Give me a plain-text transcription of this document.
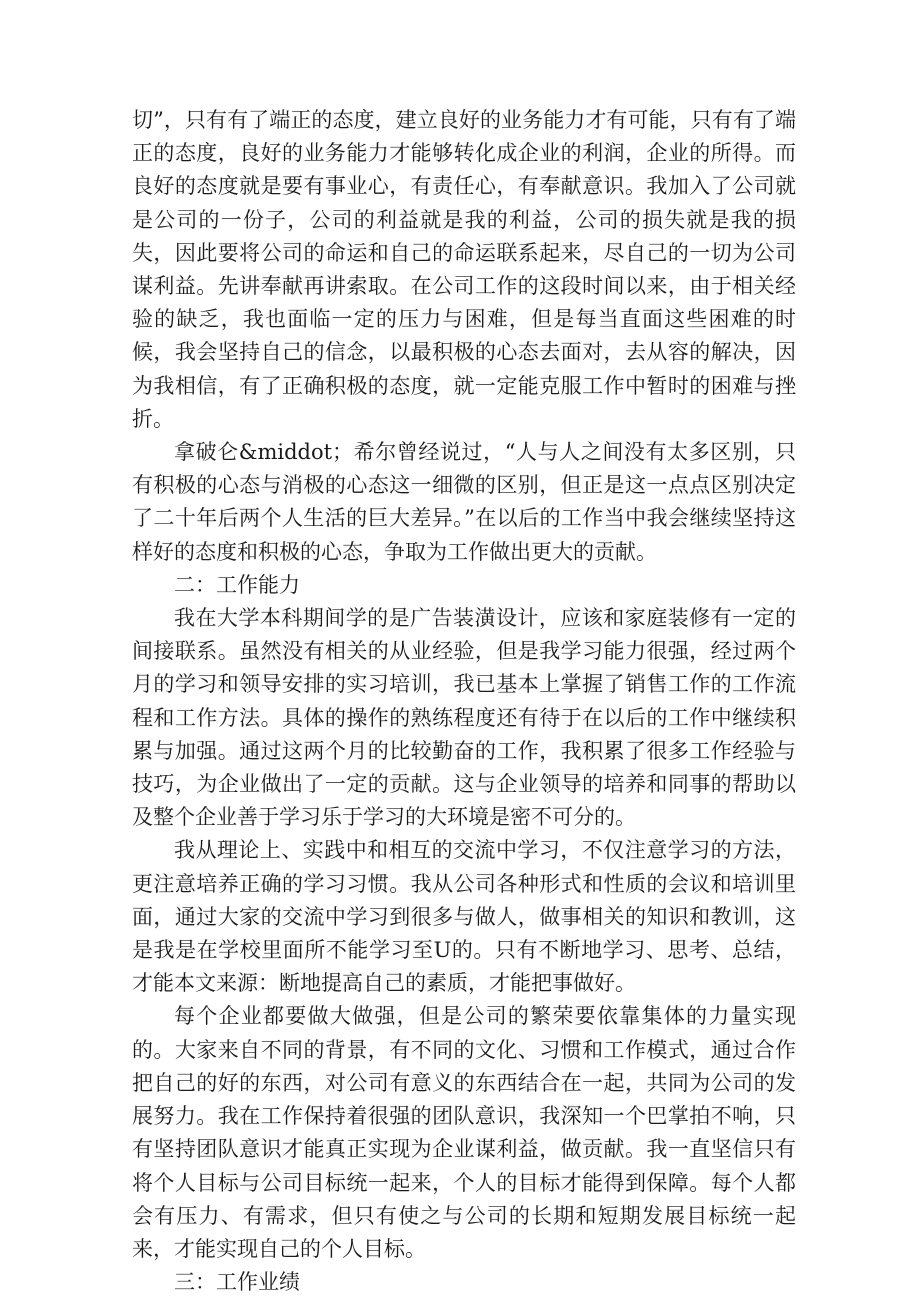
切”，只有有了端正的态度，建立良好的业务能力才有可能，只有有了端正的态度，良好的业务能力才能够转化成企业的利润，企业的所得。而良好的态度就是要有事业心，有责任心，有奉献意识。我加入了公司就是公司的一份子，公司的利益就是我的利益，公司的损失就是我的损失，因此要将公司的命运和自己的命运联系起来，尽自己的一切为公司谋利益。先讲奉献再讲索取。在公司工作的这段时间以来，由于相关经验的缺乏，我也面临一定的压力与困难，但是每当直面这些困难的时候，我会坚持自己的信念，以最积极的心态去面对，去从容的解决，因为我相信，有了正确积极的态度，就一定能克服工作中暂时的困难与挫折。

拿破仑&middot；希尔曾经说过，“人与人之间没有太多区别，只有积极的心态与消极的心态这一细微的区别，但正是这一点点区别决定了二十年后两个人生活的巨大差异。”在以后的工作当中我会继续坚持这样好的态度和积极的心态，争取为工作做出更大的贡献。

二：工作能力

我在大学本科期间学的是广告装潢设计，应该和家庭装修有一定的间接联系。虽然没有相关的从业经验，但是我学习能力很强，经过两个月的学习和领导安排的实习培训，我已基本上掌握了销售工作的工作流程和工作方法。具体的操作的熟练程度还有待于在以后的工作中继续积累与加强。通过这两个月的比较勤奋的工作，我积累了很多工作经验与技巧，为企业做出了一定的贡献。这与企业领导的培养和同事的帮助以及整个企业善于学习乐于学习的大环境是密不可分的。

我从理论上、实践中和相互的交流中学习，不仅注意学习的方法，更注意培养正确的学习习惯。我从公司各种形式和性质的会议和培训里面，通过大家的交流中学习到很多与做人，做事相关的知识和教训，这是我是在学校里面所不能学习至U的。只有不断地学习、思考、总结，才能本文来源：断地提高自己的素质，才能把事做好。

每个企业都要做大做强，但是公司的繁荣要依靠集体的力量实现的。大家来自不同的背景，有不同的文化、习惯和工作模式，通过合作把自己的好的东西，对公司有意义的东西结合在一起，共同为公司的发展努力。我在工作保持着很强的团队意识，我深知一个巴掌拍不响，只有坚持团队意识才能真正实现为企业谋利益，做贡献。我一直坚信只有将个人目标与公司目标统一起来，个人的目标才能得到保障。每个人都会有压力、有需求，但只有使之与公司的长期和短期发展目标统一起来，才能实现自己的个人目标。

三：工作业绩
